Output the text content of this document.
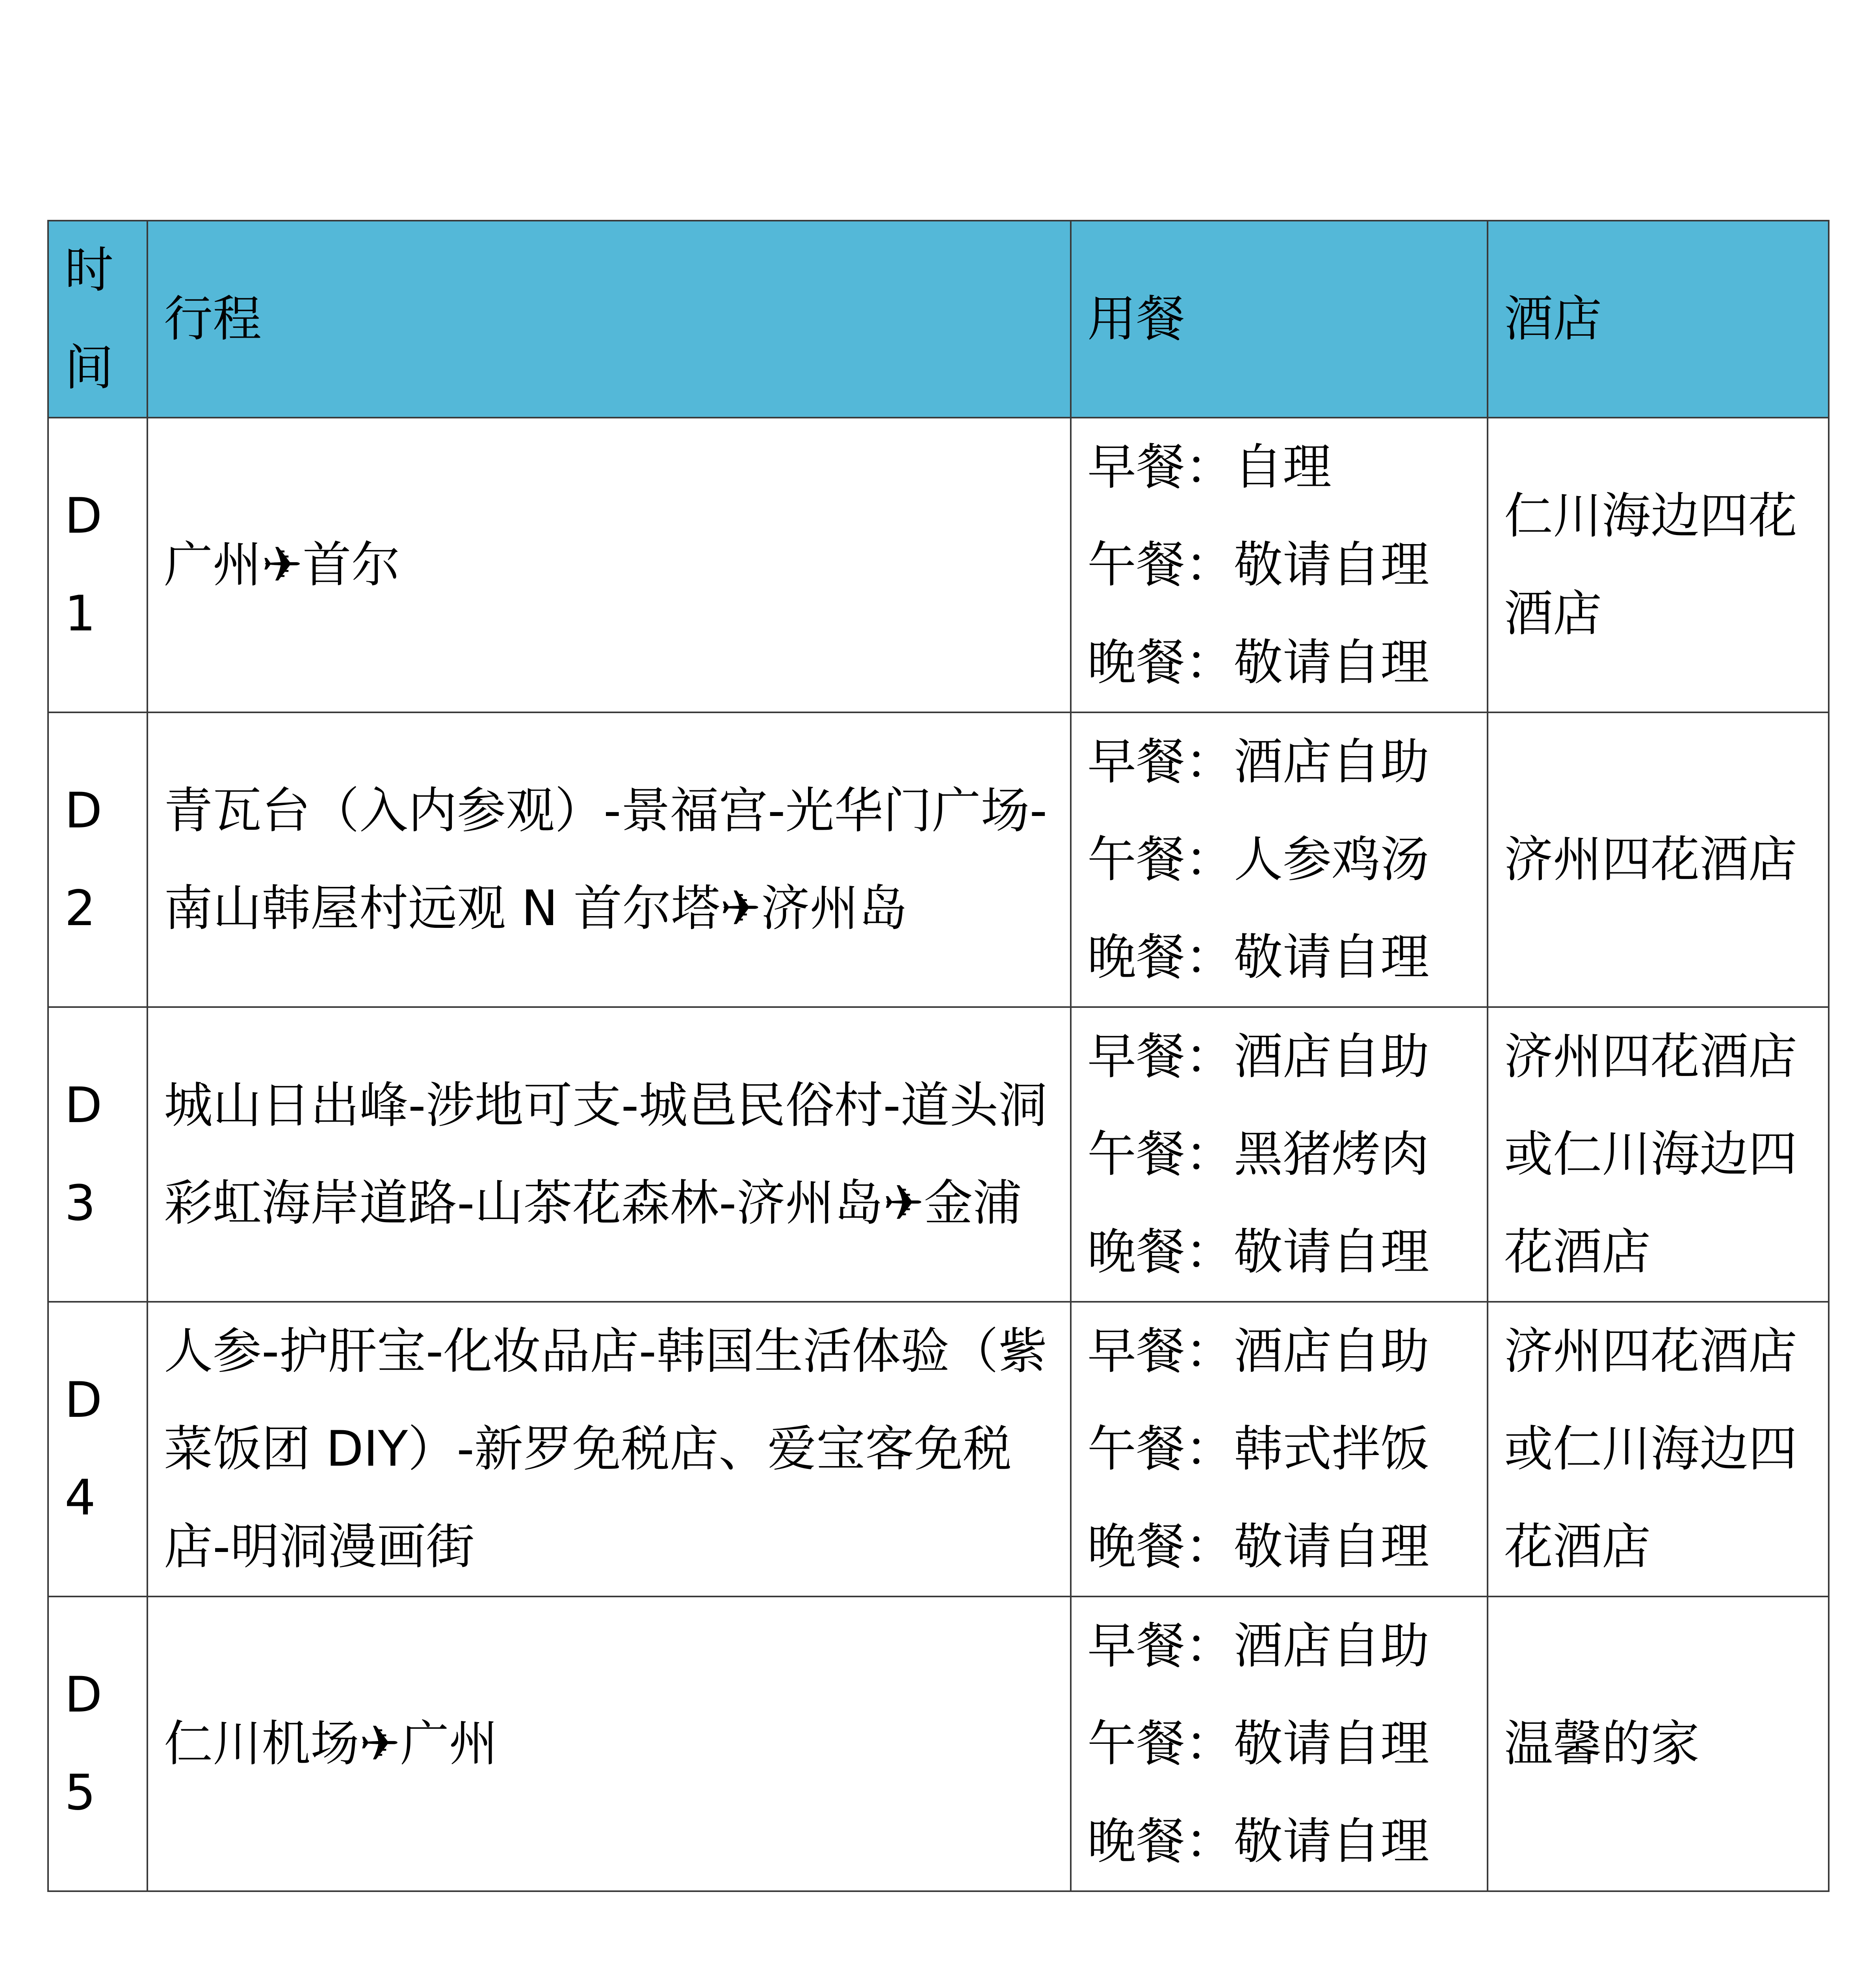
时间	行程	用餐	酒店
D1	广州✈首尔	早餐：自理
午餐：敬请自理
晚餐：敬请自理	仁川海边四花酒店
D2	青瓦台（入内参观）-景福宫-光华门广场-南山韩屋村远观 N 首尔塔✈济州岛	早餐：酒店自助
午餐：人参鸡汤
晚餐：敬请自理	济州四花酒店
D3	城山日出峰-涉地可支-城邑民俗村-道头洞彩虹海岸道路-山茶花森林-济州岛✈金浦	早餐：酒店自助
午餐：黑猪烤肉
晚餐：敬请自理	济州四花酒店或仁川海边四花酒店
D4	人参-护肝宝-化妆品店-韩国生活体验（紫菜饭团 DIY）-新罗免税店、爱宝客免税店-明洞漫画街	早餐：酒店自助
午餐：韩式拌饭
晚餐：敬请自理	济州四花酒店或仁川海边四花酒店
D5	仁川机场✈广州	早餐：酒店自助
午餐：敬请自理
晚餐：敬请自理	温馨的家
